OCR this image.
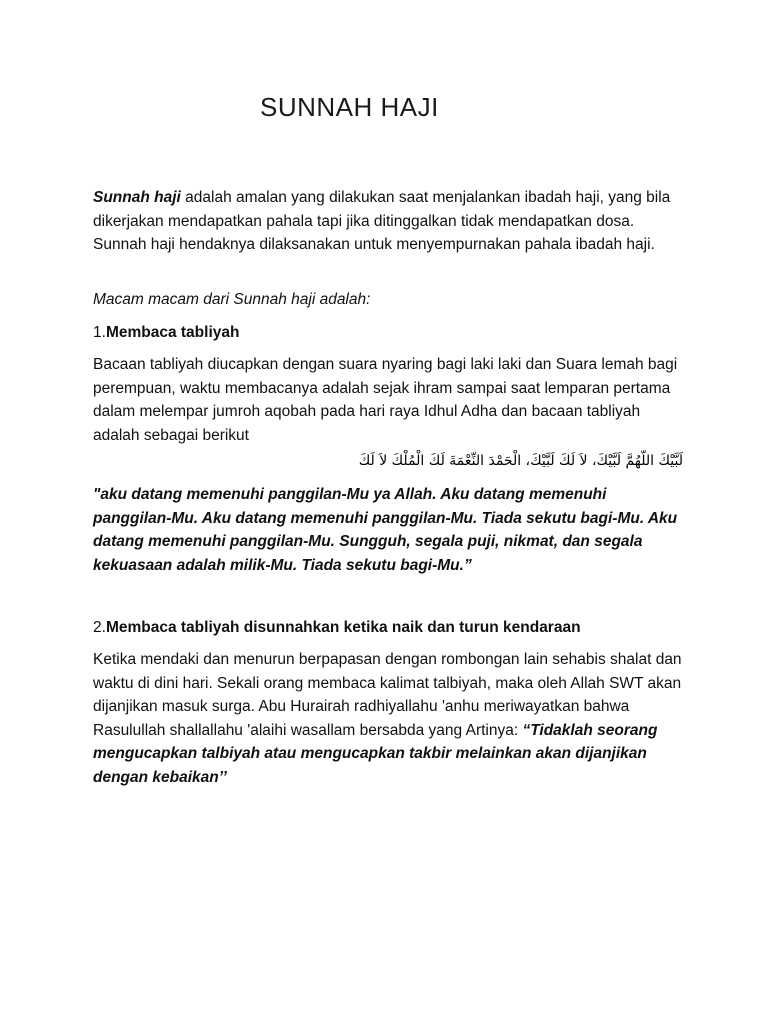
SUNNAH HAJI

Sunnah haji adalah amalan yang dilakukan saat menjalankan ibadah haji, yang bila dikerjakan mendapatkan pahala tapi jika ditinggalkan tidak mendapatkan dosa. Sunnah haji hendaknya dilaksanakan untuk menyempurnakan pahala ibadah haji.

Macam macam dari Sunnah haji adalah:

1.Membaca tabliyah

Bacaan tabliyah diucapkan dengan suara nyaring bagi laki laki dan Suara lemah bagi perempuan, waktu membacanya adalah sejak ihram sampai saat lemparan pertama dalam melempar jumroh aqobah pada hari raya Idhul Adha dan bacaan tabliyah adalah sebagai berikut

لَبَّيْكَ اللَّهُمَّ لَبَّيْكَ، لاَ لَكَ لَبَّيْكَ، الْحَمْدَ النِّعْمَةَ لَكَ الْمُلْكَ لاَ لَكَ

"aku datang memenuhi panggilan-Mu ya Allah. Aku datang memenuhi panggilan-Mu. Aku datang memenuhi panggilan-Mu. Tiada sekutu bagi-Mu. Aku datang memenuhi panggilan-Mu. Sungguh, segala puji, nikmat, dan segala kekuasaan adalah milik-Mu. Tiada sekutu bagi-Mu.”

2.Membaca tabliyah disunnahkan ketika naik dan turun kendaraan

Ketika mendaki dan menurun berpapasan dengan rombongan lain sehabis shalat dan waktu di dini hari. Sekali orang membaca kalimat talbiyah, maka oleh Allah SWT akan dijanjikan masuk surga. Abu Hurairah radhiyallahu 'anhu meriwayatkan bahwa Rasulullah shallallahu 'alaihi wasallam bersabda yang Artinya: “Tidaklah seorang mengucapkan talbiyah atau mengucapkan takbir melainkan akan dijanjikan dengan kebaikan’’
